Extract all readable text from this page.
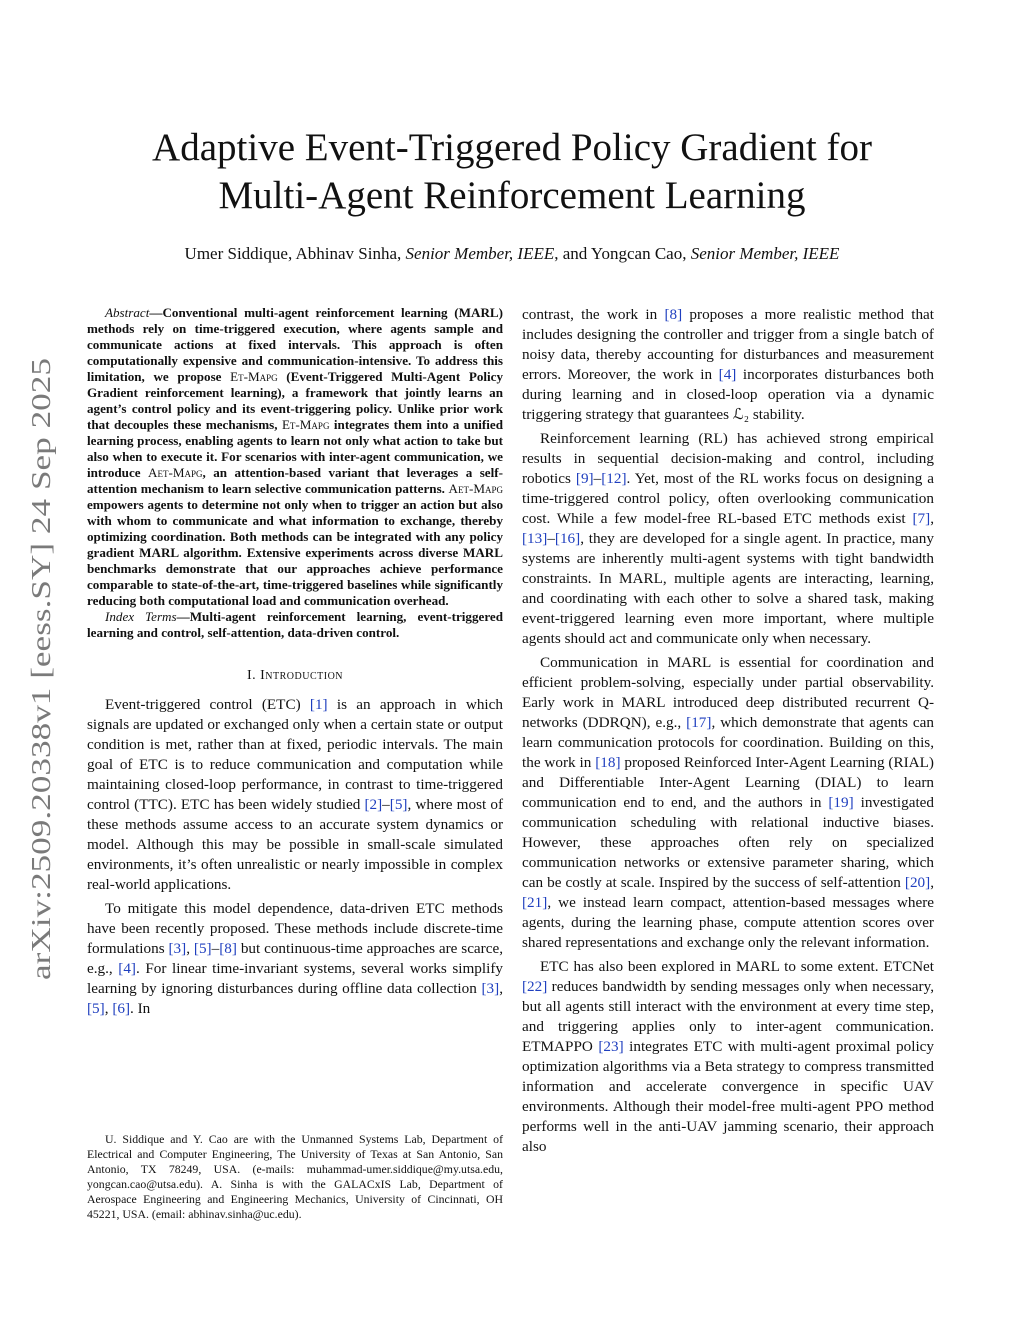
arXiv:2509.20338v1 [eess.SY] 24 Sep 2025
Adaptive Event-Triggered Policy Gradient for
Multi-Agent Reinforcement Learning
Umer Siddique, Abhinav Sinha, Senior Member, IEEE, and Yongcan Cao, Senior Member, IEEE

Abstract—Conventional multi-agent reinforcement learning (MARL) methods rely on time-triggered execution, where agents sample and communicate actions at fixed intervals. This approach is often computationally expensive and communication-intensive. To address this limitation, we propose Et-Mapg (Event-Triggered Multi-Agent Policy Gradient reinforcement learning), a framework that jointly learns an agent’s control policy and its event-triggering policy. Unlike prior work that decouples these mechanisms, Et-Mapg integrates them into a unified learning process, enabling agents to learn not only what action to take but also when to execute it. For scenarios with inter-agent communication, we introduce Aet-Mapg, an attention-based variant that leverages a self-attention mechanism to learn selective communication patterns. Aet-Mapg empowers agents to determine not only when to trigger an action but also with whom to communicate and what information to exchange, thereby optimizing coordination. Both methods can be integrated with any policy gradient MARL algorithm. Extensive experiments across diverse MARL benchmarks demonstrate that our approaches achieve performance comparable to state-of-the-art, time-triggered baselines while significantly reducing both computational load and communication overhead.

Index Terms—Multi-agent reinforcement learning, event-triggered learning and control, self-attention, data-driven control.

I. Introduction

Event-triggered control (ETC) [1] is an approach in which signals are updated or exchanged only when a certain state or output condition is met, rather than at fixed, periodic intervals. The main goal of ETC is to reduce communication and computation while maintaining closed-loop performance, in contrast to time-triggered control (TTC). ETC has been widely studied [2]–[5], where most of these methods assume access to an accurate system dynamics or model. Although this may be possible in small-scale simulated environments, it’s often unrealistic or nearly impossible in complex real-world applications.

To mitigate this model dependence, data-driven ETC methods have been recently proposed. These methods include discrete-time formulations [3], [5]–[8] but continuous-time approaches are scarce, e.g., [4]. For linear time-invariant systems, several works simplify learning by ignoring disturbances during offline data collection [3], [5], [6]. In

U. Siddique and Y. Cao are with the Unmanned Systems Lab, Department of Electrical and Computer Engineering, The University of Texas at San Antonio, San Antonio, TX 78249, USA. (e-mails: muhammad-umer.siddique@my.utsa.edu, yongcan.cao@utsa.edu). A. Sinha is with the GALACxIS Lab, Department of Aerospace Engineering and Engineering Mechanics, University of Cincinnati, OH 45221, USA. (email: abhinav.sinha@uc.edu).

contrast, the work in [8] proposes a more realistic method that includes designing the controller and trigger from a single batch of noisy data, thereby accounting for disturbances and measurement errors. Moreover, the work in [4] incorporates disturbances both during learning and in closed-loop operation via a dynamic triggering strategy that guarantees ℒ₂ stability.

Reinforcement learning (RL) has achieved strong empirical results in sequential decision-making and control, including robotics [9]–[12]. Yet, most of the RL works focus on designing a time-triggered control policy, often overlooking communication cost. While a few model-free RL-based ETC methods exist [7], [13]–[16], they are developed for a single agent. In practice, many systems are inherently multi-agent systems with tight bandwidth constraints. In MARL, multiple agents are interacting, learning, and coordinating with each other to solve a shared task, making event-triggered learning even more important, where multiple agents should act and communicate only when necessary.

Communication in MARL is essential for coordination and efficient problem-solving, especially under partial observability. Early work in MARL introduced deep distributed recurrent Q-networks (DDRQN), e.g., [17], which demonstrate that agents can learn communication protocols for coordination. Building on this, the work in [18] proposed Reinforced Inter-Agent Learning (RIAL) and Differentiable Inter-Agent Learning (DIAL) to learn communication end to end, and the authors in [19] investigated communication scheduling with relational inductive biases. However, these approaches often rely on specialized communication networks or extensive parameter sharing, which can be costly at scale. Inspired by the success of self-attention [20], [21], we instead learn compact, attention-based messages where agents, during the learning phase, compute attention scores over shared representations and exchange only the relevant information.

ETC has also been explored in MARL to some extent. ETCNet [22] reduces bandwidth by sending messages only when necessary, but all agents still interact with the environment at every time step, and triggering applies only to inter-agent communication. ETMAPPO [23] integrates ETC with multi-agent proximal policy optimization algorithms via a Beta strategy to compress transmitted information and accelerate convergence in specific UAV environments. Although their model-free multi-agent PPO method performs well in the anti-UAV jamming scenario, their approach also
